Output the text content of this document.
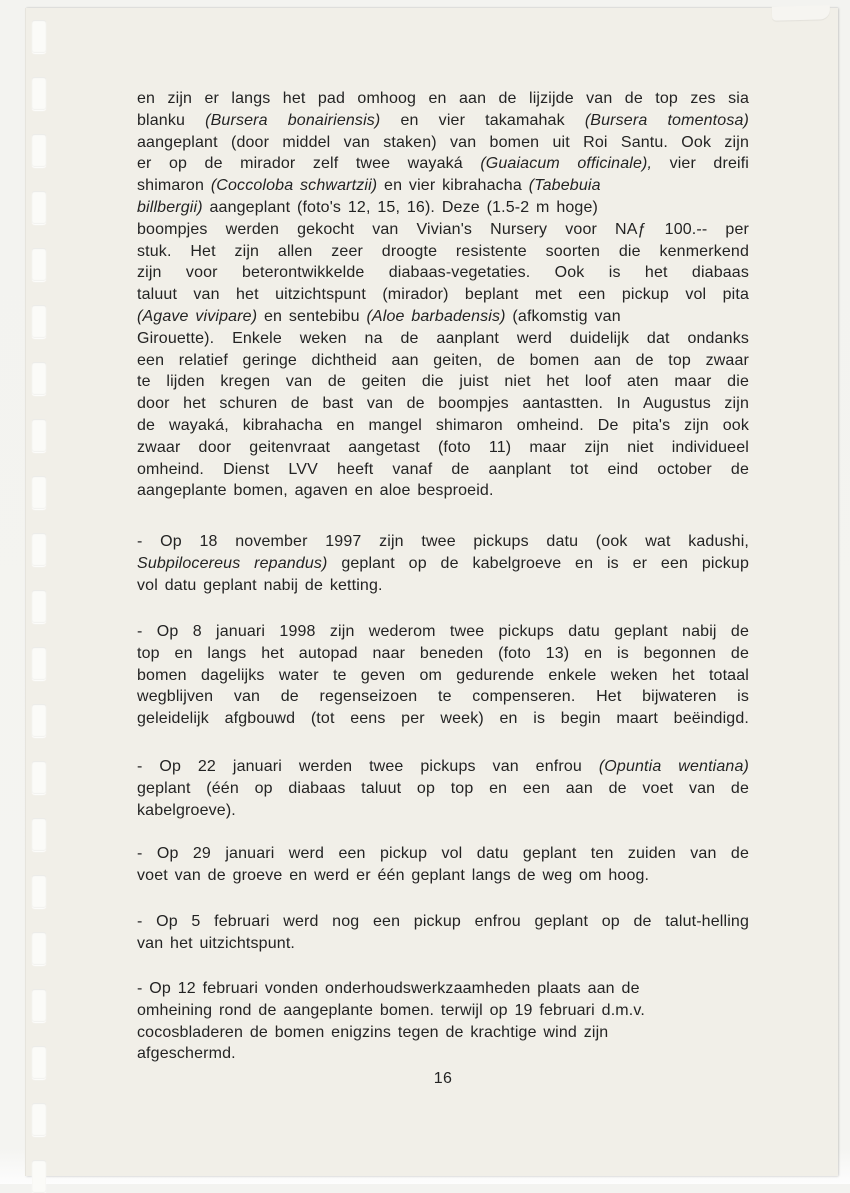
en zijn er langs het pad omhoog en aan de lijzijde van de top zes sia
blanku (Bursera bonairiensis) en vier takamahak (Bursera tomentosa)
aangeplant (door middel van staken) van bomen uit Roi Santu. Ook zijn
er op de mirador zelf twee wayaká (Guaiacum officinale), vier dreifi
shimaron (Coccoloba schwartzii) en vier kibrahacha (Tabebuia
billbergii) aangeplant (foto's 12, 15, 16). Deze (1.5-2 m hoge)
boompjes werden gekocht van Vivian's Nursery voor NAƒ 100.-- per
stuk. Het zijn allen zeer droogte resistente soorten die kenmerkend
zijn voor beterontwikkelde diabaas-vegetaties. Ook is het diabaas
taluut van het uitzichtspunt (mirador) beplant met een pickup vol pita
(Agave vivipare) en sentebibu (Aloe barbadensis) (afkomstig van
Girouette). Enkele weken na de aanplant werd duidelijk dat ondanks
een relatief geringe dichtheid aan geiten, de bomen aan de top zwaar
te lijden kregen van de geiten die juist niet het loof aten maar die
door het schuren de bast van de boompjes aantastten. In Augustus zijn
de wayaká, kibrahacha en mangel shimaron omheind. De pita's zijn ook
zwaar door geitenvraat aangetast (foto 11) maar zijn niet individueel
omheind. Dienst LVV heeft vanaf de aanplant tot eind october de
aangeplante bomen, agaven en aloe besproeid.
- Op 18 november 1997 zijn twee pickups datu (ook wat kadushi,
Subpilocereus repandus) geplant op de kabelgroeve en is er een pickup
vol datu geplant nabij de ketting.
- Op 8 januari 1998 zijn wederom twee pickups datu geplant nabij de
top en langs het autopad naar beneden (foto 13) en is begonnen de
bomen dagelijks water te geven om gedurende enkele weken het totaal
wegblijven van de regenseizoen te compenseren. Het bijwateren is
geleidelijk afgbouwd (tot eens per week) en is begin maart beëindigd.
- Op 22 januari werden twee pickups van enfrou (Opuntia wentiana)
geplant (één op diabaas taluut op top en een aan de voet van de
kabelgroeve).
- Op 29 januari werd een pickup vol datu geplant ten zuiden van de
voet van de groeve en werd er één geplant langs de weg om hoog.
- Op 5 februari werd nog een pickup enfrou geplant op de talut-helling
van het uitzichtspunt.
- Op 12 februari vonden onderhoudswerkzaamheden plaats aan de
omheining rond de aangeplante bomen. terwijl op 19 februari d.m.v.
cocosbladeren de bomen enigzins tegen de krachtige wind zijn
afgeschermd.
16
